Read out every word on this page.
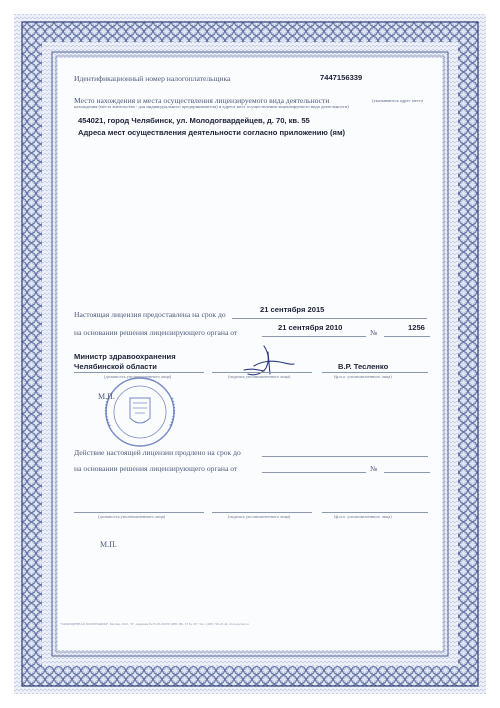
Идентификационный номер налогоплательщика	7447156339
Место нахождения и места осуществления лицензируемого вида деятельности	(указываются адрес места нахождения (места жительства - для индивидуального предпринимателя) и адреса мест осуществления лицензируемого вида деятельности)
454021, город Челябинск, ул. Молодогвардейцев, д. 70, кв. 55
Адреса мест осуществления деятельности согласно приложению (ям)
Настоящая лицензия предоставлена на срок до
21 сентября 2015
на основании решения лицензирующего органа от
21 сентября 2010
№
1256
Министр здравоохранения
Челябинской области
(должность уполномоченного лица)	(подпись уполномоченного лица)
В.Р. Тесленко
(ф.и.о. уполномоченного лица)
М.П.
Действие настоящей лицензии продлено на срок до
на основании решения лицензирующего органа от	№
(должность уполномоченного лица)	(подпись уполномоченного лица)	(ф.и.о. уполномоченного лица)
М.П.
"ЗАЩИЩЕННАЯ ПОЛИГРАФИЯ", Москва, 2010, "Б", лицензия № 05-05-09/003 ФНС РФ, ТЗ № 197. Тел.: (495) 726-47-42, www.opcion.ru
